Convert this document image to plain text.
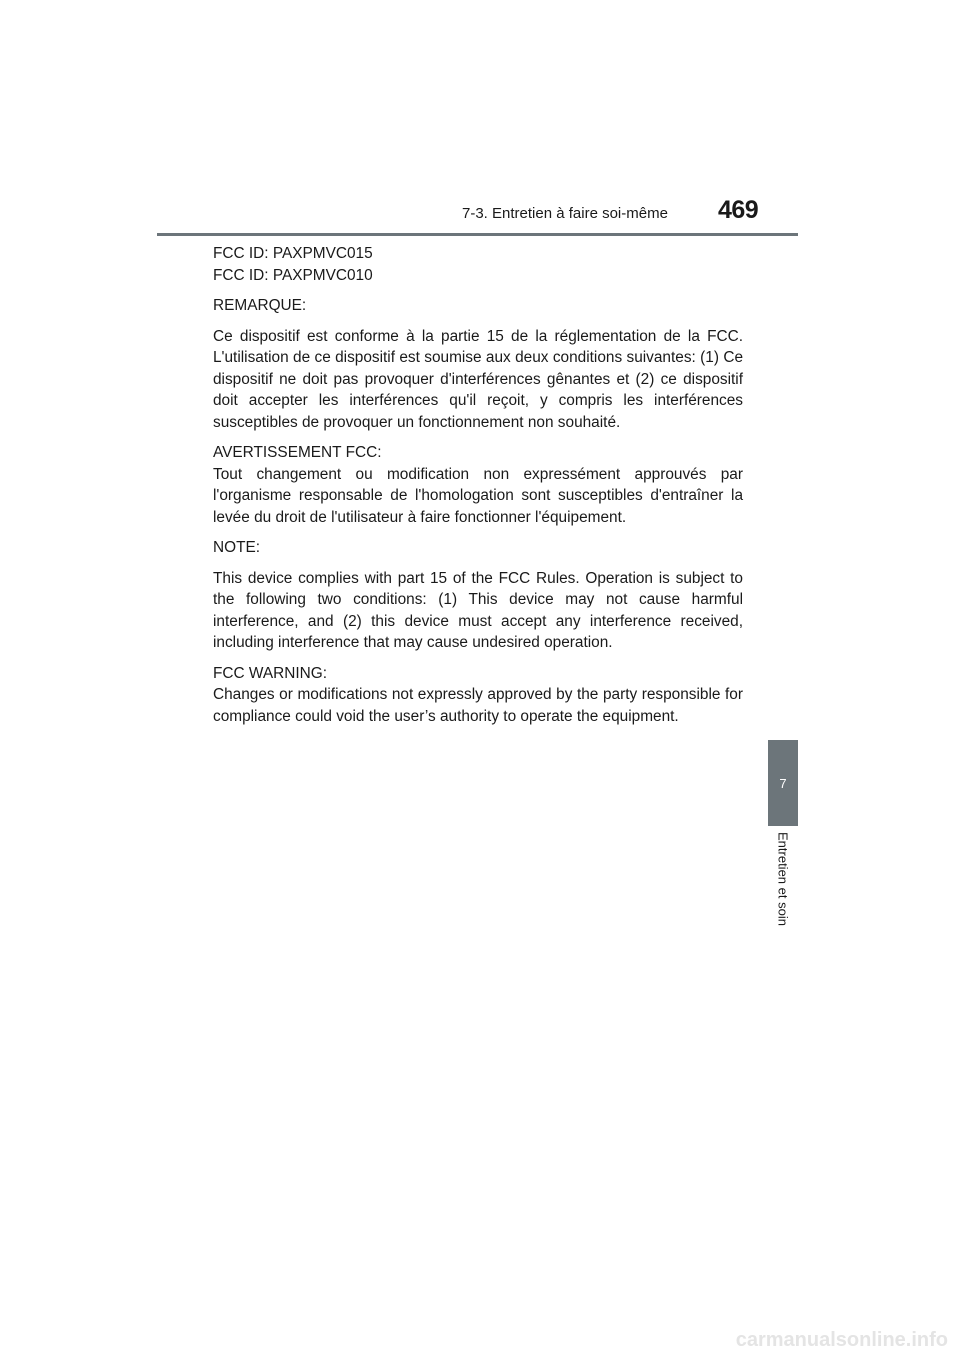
7-3. Entretien à faire soi-même 469
7
Entretien et soin

FCC ID: PAXPMVC015
FCC ID: PAXPMVC010

REMARQUE:

Ce dispositif est conforme à la partie 15 de la réglementation de la FCC. L'utilisation de ce dispositif est soumise aux deux conditions suivantes: (1) Ce dispositif ne doit pas provoquer d'interférences gênantes et (2) ce dispositif doit accepter les interférences qu'il reçoit, y compris les interférences susceptibles de provoquer un fonctionnement non souhaité.

AVERTISSEMENT FCC:
Tout changement ou modification non expressément approuvés par l'organisme responsable de l'homologation sont susceptibles d'entraîner la levée du droit de l'utilisateur à faire fonctionner l'équipement.

NOTE:

This device complies with part 15 of the FCC Rules. Operation is subject to the following two conditions: (1) This device may not cause harmful interference, and (2) this device must accept any interference received, including interference that may cause undesired operation.

FCC WARNING:
Changes or modifications not expressly approved by the party responsible for compliance could void the user’s authority to operate the equipment.

carmanualsonline.info
